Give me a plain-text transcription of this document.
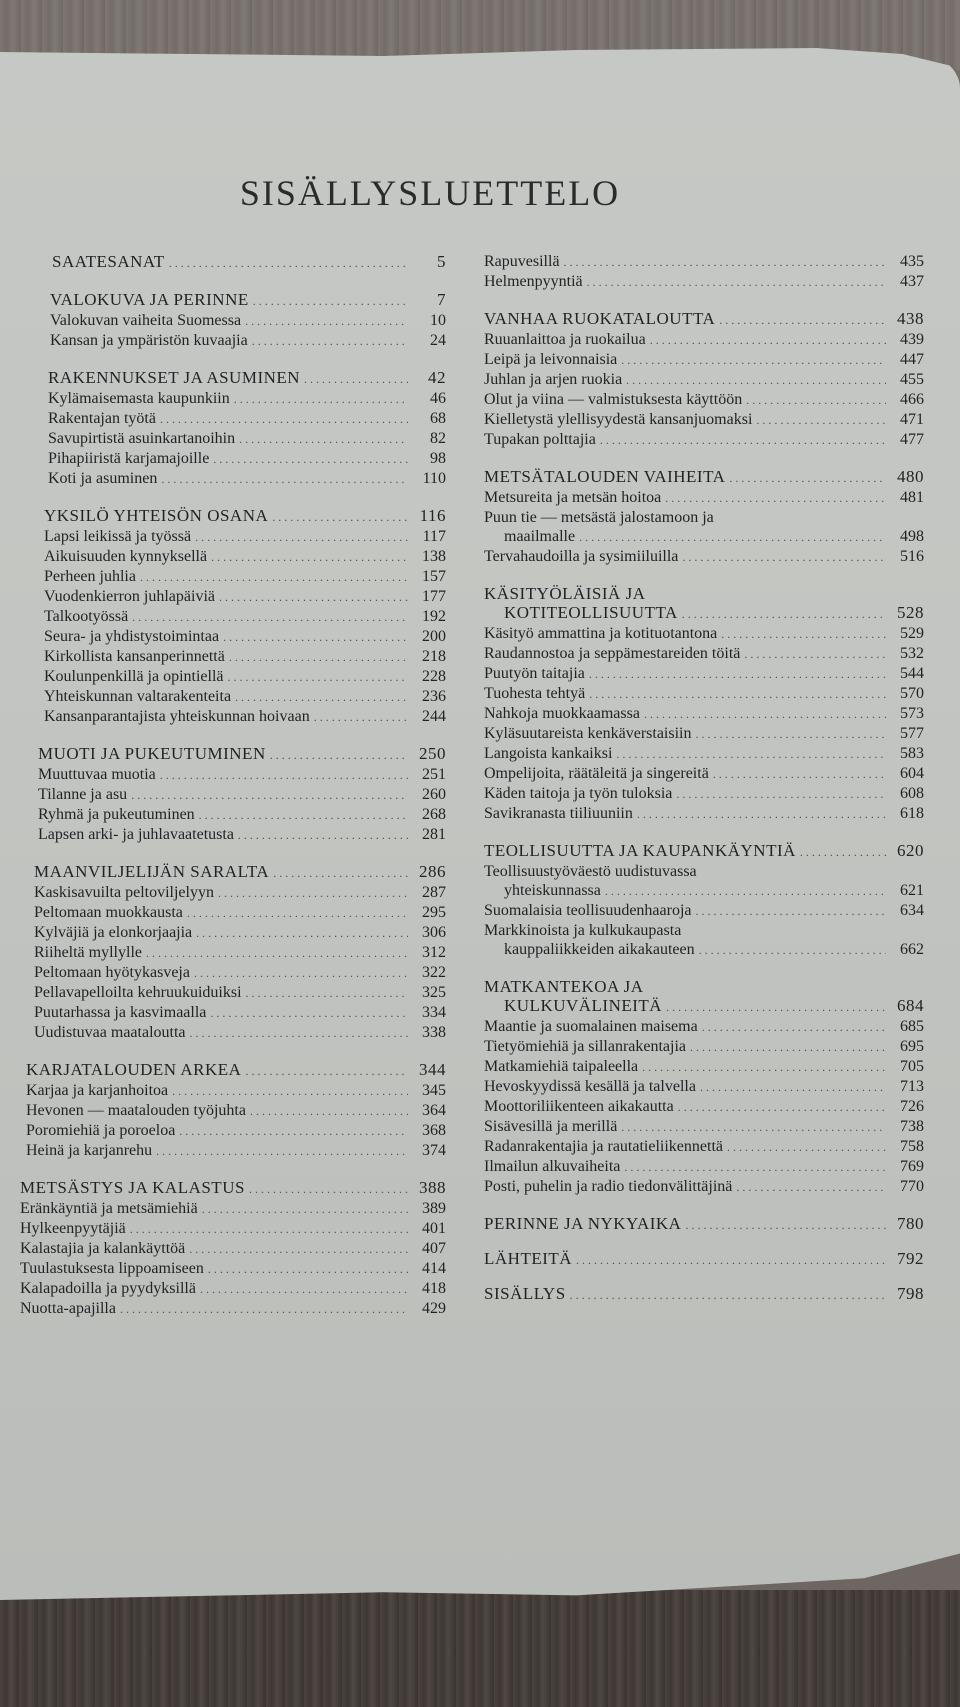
SISÄLLYSLUETTELO
SAATESANAT . . .	5
VALOKUVA JA PERINNE . . .	7
Valokuvan vaiheita Suomessa . . .	10
Kansan ja ympäristön kuvaajia . . .	24
RAKENNUKSET JA ASUMINEN . . .	42
Kylämaisemasta kaupunkiin . . .	46
Rakentajan työtä . . .	68
Savupirtistä asuinkartanoihin . . .	82
Pihapiiristä karjamajoille . . .	98
Koti ja asuminen . . .	110
YKSILÖ YHTEISÖN OSANA . . .	116
Lapsi leikissä ja työssä . . .	117
Aikuisuuden kynnyksellä . . .	138
Perheen juhlia . . .	157
Vuodenkierron juhlapäiviä . . .	177
Talkootyössä . . .	192
Seura- ja yhdistystoimintaa . . .	200
Kirkollista kansanperinnettä . . .	218
Koulunpenkillä ja opintiellä . . .	228
Yhteiskunnan valtarakenteita . . .	236
Kansanparantajista yhteiskunnan hoivaan . . .	244
MUOTI JA PUKEUTUMINEN . . .	250
Muuttuvaa muotia . . .	251
Tilanne ja asu . . .	260
Ryhmä ja pukeutuminen . . .	268
Lapsen arki- ja juhlavaatetusta . . .	281
MAANVILJELIJÄN SARALTA . . .	286
Kaskisavuilta peltoviljelyyn . . .	287
Peltomaan muokkausta . . .	295
Kylväjiä ja elonkorjaajia . . .	306
Riiheltä myllylle . . .	312
Peltomaan hyötykasveja . . .	322
Pellavapelloilta kehruukuiduiksi . . .	325
Puutarhassa ja kasvimaalla . . .	334
Uudistuvaa maataloutta . . .	338
KARJATALOUDEN ARKEA . . .	344
Karjaa ja karjanhoitoa . . .	345
Hevonen — maatalouden työjuhta . . .	364
Poromiehiä ja poroeloa . . .	368
Heinä ja karjanrehu . . .	374
METSÄSTYS JA KALASTUS . . .	388
Eränkäyntiä ja metsämiehiä . . .	389
Hylkeenpyytäjiä . . .	401
Kalastajia ja kalankäyttöä . . .	407
Tuulastuksesta lippoamiseen . . .	414
Kalapadoilla ja pyydyksillä . . .	418
Nuotta-apajilla . . .	429
Rapuvesillä . . .	435
Helmenpyyntiä . . .	437
VANHAA RUOKATALOUTTA . . .	438
Ruuanlaittoa ja ruokailua . . .	439
Leipä ja leivonnaisia . . .	447
Juhlan ja arjen ruokia . . .	455
Olut ja viina — valmistuksesta käyttöön . . .	466
Kielletystä ylellisyydestä kansanjuomaksi . . .	471
Tupakan polttajia . . .	477
METSÄTALOUDEN VAIHEITA . . .	480
Metsureita ja metsän hoitoa . . .	481
Puun tie — metsästä jalostamoon ja
maailmalle . . .	498
Tervahaudoilla ja sysimiiluilla . . .	516
KÄSITYÖLÄISIÄ JA
KOTITEOLLISUUTTA . . .	528
Käsityö ammattina ja kotituotantona . . .	529
Raudannostoa ja seppämestareiden töitä . . .	532
Puutyön taitajia . . .	544
Tuohesta tehtyä . . .	570
Nahkoja muokkaamassa . . .	573
Kyläsuutareista kenkäverstaisiin . . .	577
Langoista kankaiksi . . .	583
Ompelijoita, räätäleitä ja singereitä . . .	604
Käden taitoja ja työn tuloksia . . .	608
Savikranasta tiiliuuniin . . .	618
TEOLLISUUTTA JA KAUPANKÄYNTIÄ . . .	620
Teollisuustyöväestö uudistuvassa
yhteiskunnassa . . .	621
Suomalaisia teollisuudenhaaroja . . .	634
Markkinoista ja kulkukaupasta
kauppaliikkeiden aikakauteen . . .	662
MATKANTEKOA JA
KULKUVÄLINEITÄ . . .	684
Maantie ja suomalainen maisema . . .	685
Tietyömiehiä ja sillanrakentajia . . .	695
Matkamiehiä taipaleella . . .	705
Hevoskyydissä kesällä ja talvella . . .	713
Moottoriliikenteen aikakautta . . .	726
Sisävesillä ja merillä . . .	738
Radanrakentajia ja rautatieliikennettä . . .	758
Ilmailun alkuvaiheita . . .	769
Posti, puhelin ja radio tiedonvälittäjinä . . .	770
PERINNE JA NYKYAIKA . . .	780
LÄHTEITÄ . . .	792
SISÄLLYS . . .	798
